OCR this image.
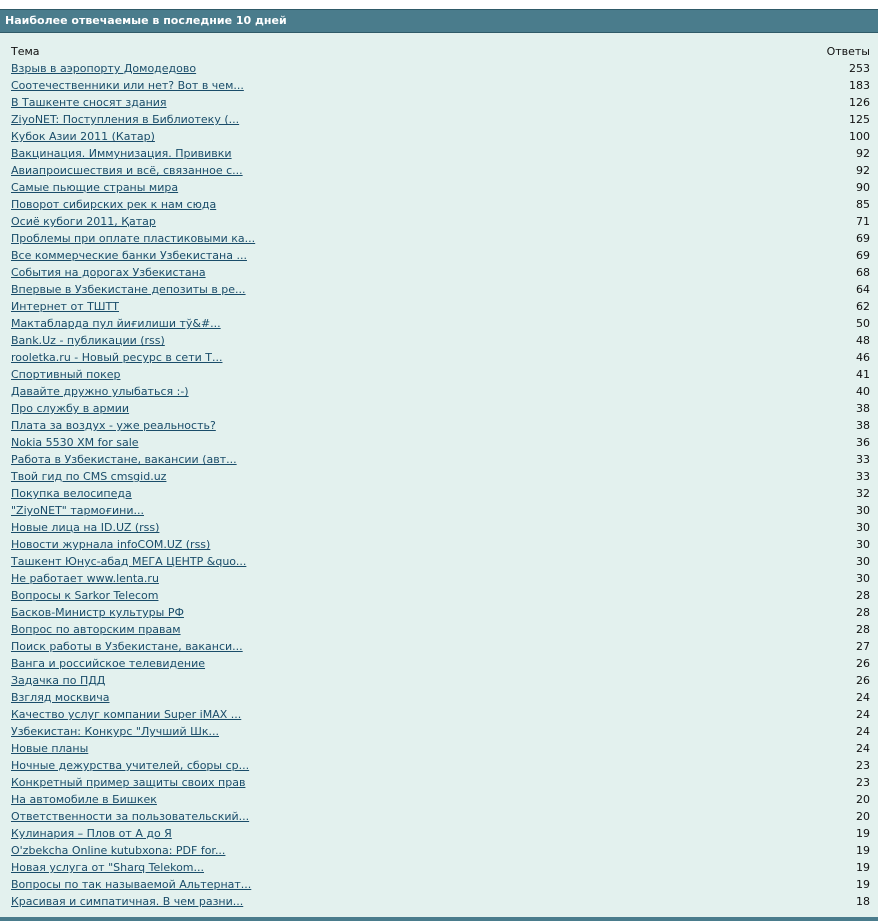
Наиболее отвечаемые в последние 10 дней
Тема	Ответы
Взрыв в аэропорту Домодедово	253
Соотечественники или нет? Вот в чем...	183
В Ташкенте сносят здания	126
ZiyoNET: Поступления в Библиотеку (...	125
Кубок Азии 2011 (Катар)	100
Вакцинация. Иммунизация. Прививки	92
Авиапроисшествия и всё, связанное с...	92
Самые пьющие страны мира	90
Поворот сибирских рек к нам сюда	85
Осиё кубоги 2011, Қатар	71
Проблемы при оплате пластиковыми ка...	69
Все коммерческие банки Узбекистана ...	69
События на дорогах Узбекистана	68
Впервые в Узбекистане депозиты в ре...	64
Интернет от ТШТТ	62
Мактабларда пул йиғилиши тў&#...	50
Bank.Uz - публикации (rss)	48
rooletka.ru - Новый ресурс в сети Т...	46
Спортивный покер	41
Давайте дружно улыбаться :-)	40
Про службу в армии	38
Плата за воздух - уже реальность?	38
Nokia 5530 XM for sale	36
Работа в Узбекистане, вакансии (авт...	33
Твой гид по CMS cmsgid.uz	33
Покупка велосипеда	32
"ZiyoNET" тармоғини...	30
Новые лица на ID.UZ (rss)	30
Новости журнала infoCOM.UZ (rss)	30
Ташкент Юнус-абад МЕГА ЦЕНТР &quo...	30
Не работает www.lenta.ru	30
Вопросы к Sarkor Telecom	28
Басков-Министр культуры РФ	28
Вопрос по авторским правам	28
Поиск работы в Узбекистане, ваканси...	27
Ванга и российское телевидение	26
Задачка по ПДД	26
Взгляд москвича	24
Качество услуг компании Super iMAX ...	24
Узбекистан: Конкурс "Лучший Шк...	24
Новые планы	24
Ночные дежурства учителей, сборы ср...	23
Конкретный пример защиты своих прав	23
На автомобиле в Бишкек	20
Ответственности за пользовательский...	20
Кулинария – Плов от А до Я	19
O'zbekcha Online kutubxona: PDF for...	19
Новая услуга от "Sharq Telekom...	19
Вопросы по так называемой Альтернат...	19
Красивая и симпатичная. В чем разни...	18
